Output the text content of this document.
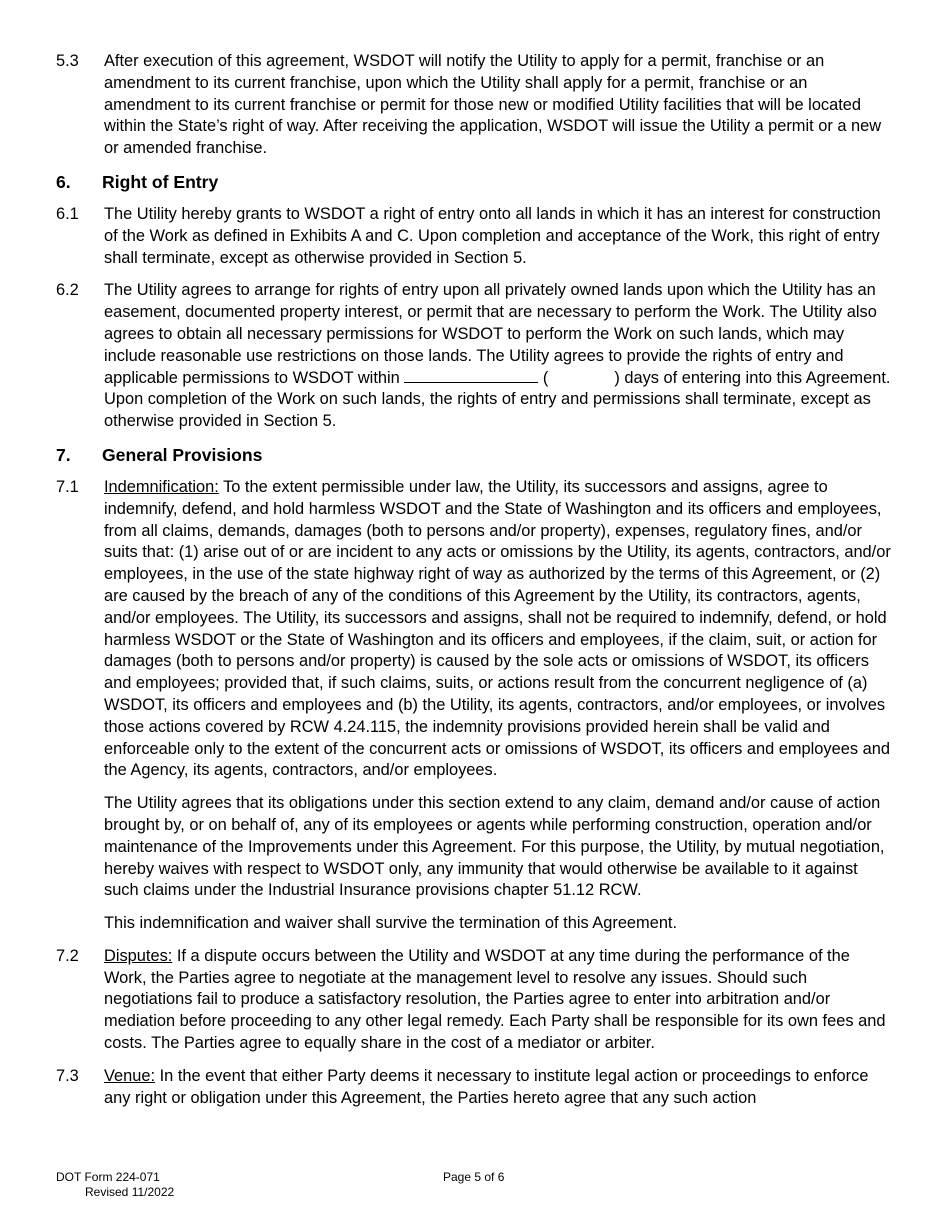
5.3 After execution of this agreement, WSDOT will notify the Utility to apply for a permit, franchise or an amendment to its current franchise, upon which the Utility shall apply for a permit, franchise or an amendment to its current franchise or permit for those new or modified Utility facilities that will be located within the State’s right of way. After receiving the application, WSDOT will issue the Utility a permit or a new or amended franchise.
6. Right of Entry
6.1 The Utility hereby grants to WSDOT a right of entry onto all lands in which it has an interest for construction of the Work as defined in Exhibits A and C. Upon completion and acceptance of the Work, this right of entry shall terminate, except as otherwise provided in Section 5.
6.2 The Utility agrees to arrange for rights of entry upon all privately owned lands upon which the Utility has an easement, documented property interest, or permit that are necessary to perform the Work. The Utility also agrees to obtain all necessary permissions for WSDOT to perform the Work on such lands, which may include reasonable use restrictions on those lands. The Utility agrees to provide the rights of entry and applicable permissions to WSDOT within	(	) days of entering into this Agreement. Upon completion of the Work on such lands, the rights of entry and permissions shall terminate, except as otherwise provided in Section 5.
7. General Provisions
7.1 Indemnification: To the extent permissible under law, the Utility, its successors and assigns, agree to indemnify, defend, and hold harmless WSDOT and the State of Washington and its officers and employees, from all claims, demands, damages (both to persons and/or property), expenses, regulatory fines, and/or suits that: (1) arise out of or are incident to any acts or omissions by the Utility, its agents, contractors, and/or employees, in the use of the state highway right of way as authorized by the terms of this Agreement, or (2) are caused by the breach of any of the conditions of this Agreement by the Utility, its contractors, agents, and/or employees. The Utility, its successors and assigns, shall not be required to indemnify, defend, or hold harmless WSDOT or the State of Washington and its officers and employees, if the claim, suit, or action for damages (both to persons and/or property) is caused by the sole acts or omissions of WSDOT, its officers and employees; provided that, if such claims, suits, or actions result from the concurrent negligence of (a) WSDOT, its officers and employees and (b) the Utility, its agents, contractors, and/or employees, or involves those actions covered by RCW 4.24.115, the indemnity provisions provided herein shall be valid and enforceable only to the extent of the concurrent acts or omissions of WSDOT, its officers and employees and the Agency, its agents, contractors, and/or employees.
The Utility agrees that its obligations under this section extend to any claim, demand and/or cause of action brought by, or on behalf of, any of its employees or agents while performing construction, operation and/or maintenance of the Improvements under this Agreement. For this purpose, the Utility, by mutual negotiation, hereby waives with respect to WSDOT only, any immunity that would otherwise be available to it against such claims under the Industrial Insurance provisions chapter 51.12 RCW.
This indemnification and waiver shall survive the termination of this Agreement.
7.2 Disputes: If a dispute occurs between the Utility and WSDOT at any time during the performance of the Work, the Parties agree to negotiate at the management level to resolve any issues. Should such negotiations fail to produce a satisfactory resolution, the Parties agree to enter into arbitration and/or mediation before proceeding to any other legal remedy. Each Party shall be responsible for its own fees and costs. The Parties agree to equally share in the cost of a mediator or arbiter.
7.3 Venue: In the event that either Party deems it necessary to institute legal action or proceedings to enforce any right or obligation under this Agreement, the Parties hereto agree that any such action
DOT Form 224-071
Revised 11/2022
Page 5 of 6
